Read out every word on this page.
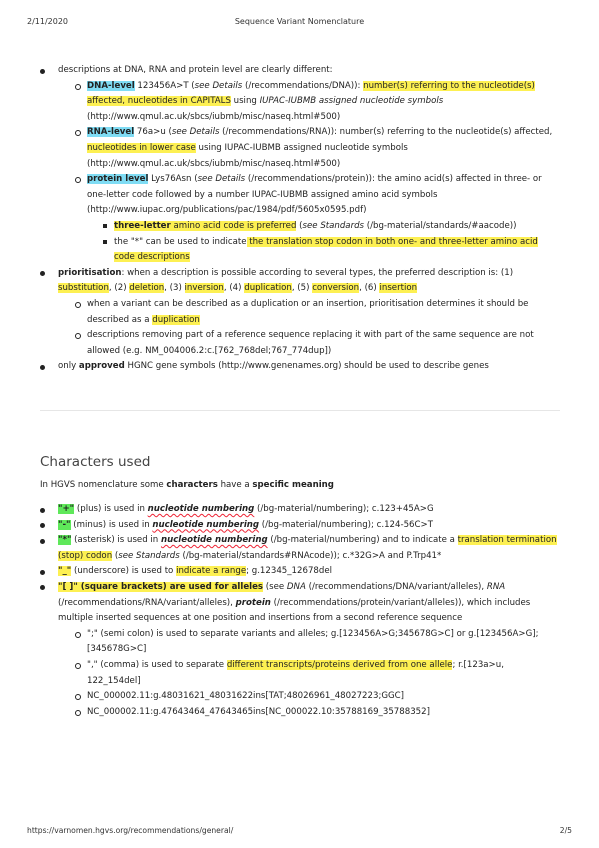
2/11/2020	Sequence Variant Nomenclature
descriptions at DNA, RNA and protein level are clearly different:
DNA-level 123456A>T (see Details (/recommendations/DNA)): number(s) referring to the nucleotide(s) affected, nucleotides in CAPITALS using IUPAC-IUBMB assigned nucleotide symbols (http://www.qmul.ac.uk/sbcs/iubmb/misc/naseq.html#500)
RNA-level 76a>u (see Details (/recommendations/RNA)): number(s) referring to the nucleotide(s) affected, nucleotides in lower case using IUPAC-IUBMB assigned nucleotide symbols (http://www.qmul.ac.uk/sbcs/iubmb/misc/naseq.html#500)
protein level Lys76Asn (see Details (/recommendations/protein)): the amino acid(s) affected in three- or one-letter code followed by a number IUPAC-IUBMB assigned amino acid symbols (http://www.iupac.org/publications/pac/1984/pdf/5605x0595.pdf)
three-letter amino acid code is preferred (see Standards (/bg-material/standards/#aacode))
the "*" can be used to indicate the translation stop codon in both one- and three-letter amino acid code descriptions
prioritisation: when a description is possible according to several types, the preferred description is: (1) substitution, (2) deletion, (3) inversion, (4) duplication, (5) conversion, (6) insertion
when a variant can be described as a duplication or an insertion, prioritisation determines it should be described as a duplication
descriptions removing part of a reference sequence replacing it with part of the same sequence are not allowed (e.g. NM_004006.2:c.[762_768del;767_774dup])
only approved HGNC gene symbols (http://www.genenames.org) should be used to describe genes
Characters used
In HGVS nomenclature some characters have a specific meaning
"+" (plus) is used in nucleotide numbering (/bg-material/numbering); c.123+45A>G
"-" (minus) is used in nucleotide numbering (/bg-material/numbering); c.124-56C>T
"*" (asterisk) is used in nucleotide numbering (/bg-material/numbering) and to indicate a translation termination (stop) codon (see Standards (/bg-material/standards#RNAcode)); c.*32G>A and P.Trp41*
"_" (underscore) is used to indicate a range; g.12345_12678del
"[ ]" (square brackets) are used for alleles (see DNA (/recommendations/DNA/variant/alleles), RNA (/recommendations/RNA/variant/alleles), protein (/recommendations/protein/variant/alleles)), which includes multiple inserted sequences at one position and insertions from a second reference sequence
";" (semi colon) is used to separate variants and alleles; g.[123456A>G;345678G>C] or g.[123456A>G];[345678G>C]
"," (comma) is used to separate different transcripts/proteins derived from one allele; r.[123a>u, 122_154del]
NC_000002.11:g.48031621_48031622ins[TAT;48026961_48027223;GGC]
NC_000002.11:g.47643464_47643465ins[NC_000022.10:35788169_35788352]
https://varnomen.hgvs.org/recommendations/general/	2/5
